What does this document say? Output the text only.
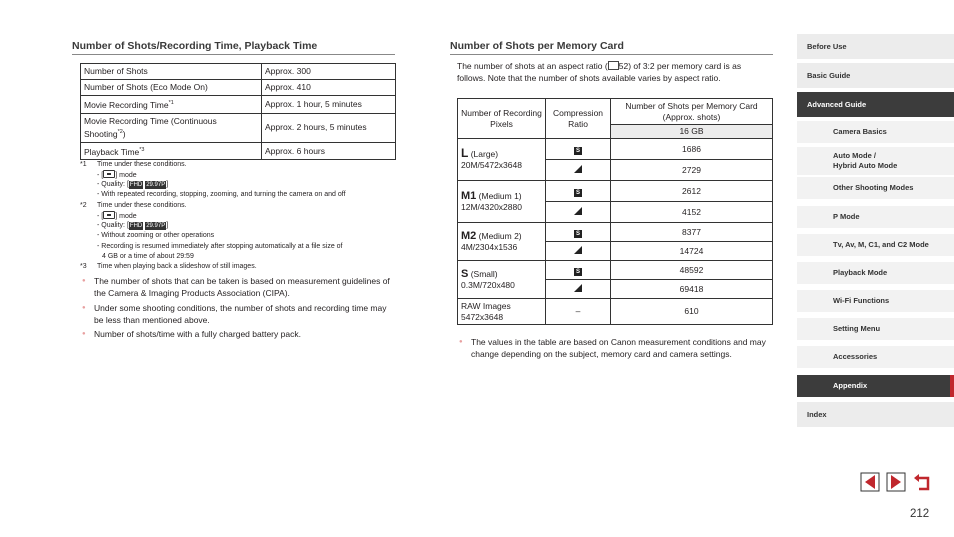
Number of Shots/Recording Time, Playback Time
Number of Shots	Approx. 300
Number of Shots (Eco Mode On)	Approx. 410
Movie Recording Time$^{*1}$	Approx. 1 hour, 5 minutes
Movie Recording Time (Continuous Shooting$^{*2}$)	Approx. 2 hours, 5 minutes
Playback Time$^{*3}$	Approx. 6 hours
*1 Time under these conditions.
- [ ] mode
- Quality: [FHD 29.97P]
- With repeated recording, stopping, zooming, and turning the camera on and off
*2 Time under these conditions.
- [ ] mode
- Quality: [FHD 29.97P]
- Without zooming or other operations
- Recording is resumed immediately after stopping automatically at a file size of
4 GB or a time of about 29:59
*3 Time when playing back a slideshow of still images.
● The number of shots that can be taken is based on measurement guidelines of the Camera & Imaging Products Association (CIPA).
● Under some shooting conditions, the number of shots and recording time may be less than mentioned above.
● Number of shots/time with a fully charged battery pack.
Number of Shots per Memory Card
The number of shots at an aspect ratio ( 52) of 3:2 per memory card is as follows. Note that the number of shots available varies by aspect ratio.
Number of Recording Pixels	Compression Ratio	Number of Shots per Memory Card (Approx. shots)
		16 GB
L (Large)
20M/5472x3648	S	1686
		2729
M1 (Medium 1)
12M/4320x2880	S	2612
		4152
M2 (Medium 2)
4M/2304x1536	S	8377
		14724
S (Small)
0.3M/720x480	S	48592
		69418
RAW Images
5472x3648	–	610
● The values in the table are based on Canon measurement conditions and may change depending on the subject, memory card and camera settings.
Before Use
Basic Guide
Advanced Guide
Camera Basics
Auto Mode /
Hybrid Auto Mode
Other Shooting Modes
P Mode
Tv, Av, M, C1, and C2 Mode
Playback Mode
Wi-Fi Functions
Setting Menu
Accessories
Appendix
Index
212
